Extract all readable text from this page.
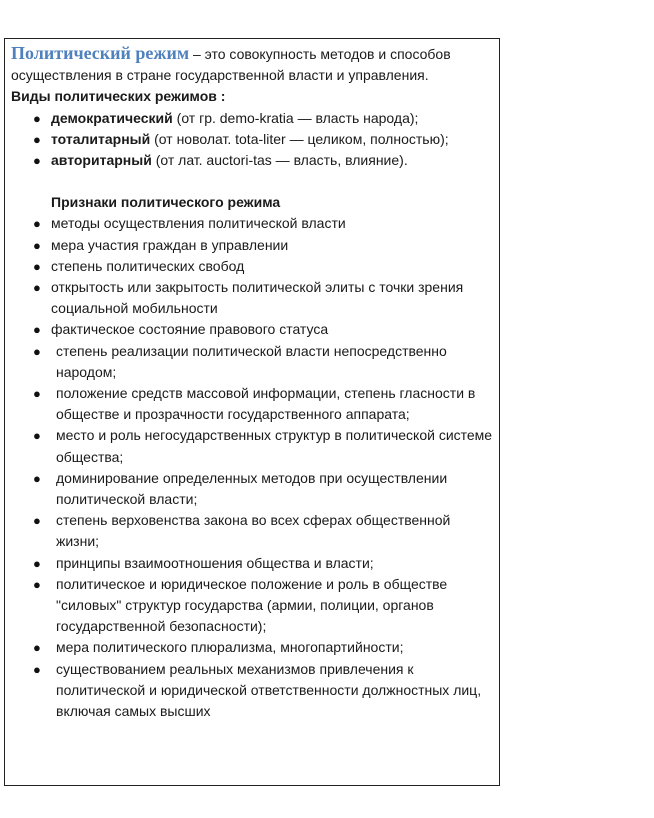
Политический режим – это совокупность методов и способов осуществления в стране государственной власти и управления.

Виды политических режимов :

● демократический (от гр. demo-kratia — власть народа);
● тоталитарный (от новолат. tota-liter — целиком, полностью);
● авторитарный (от лат. auctori-tas — власть, влияние).

Признаки политического режима

● методы осуществления политической власти
● мера участия граждан в управлении
● степень политических свобод
● открытость или закрытость политической элиты с точки зрения социальной мобильности
● фактическое состояние правового статуса
● степень реализации политической власти непосредственно народом;
● положение средств массовой информации, степень гласности в обществе и прозрачности государственного аппарата;
● место и роль негосударственных структур в политической системе общества;
● доминирование определенных методов при осуществлении политической власти;
● степень верховенства закона во всех сферах общественной жизни;
● принципы взаимоотношения общества и власти;
● политическое и юридическое положение и роль в обществе "силовых" структур государства (армии, полиции, органов государственной безопасности);
● мера политического плюрализма, многопартийности;
● существованием реальных механизмов привлечения к политической и юридической ответственности должностных лиц, включая самых высших
